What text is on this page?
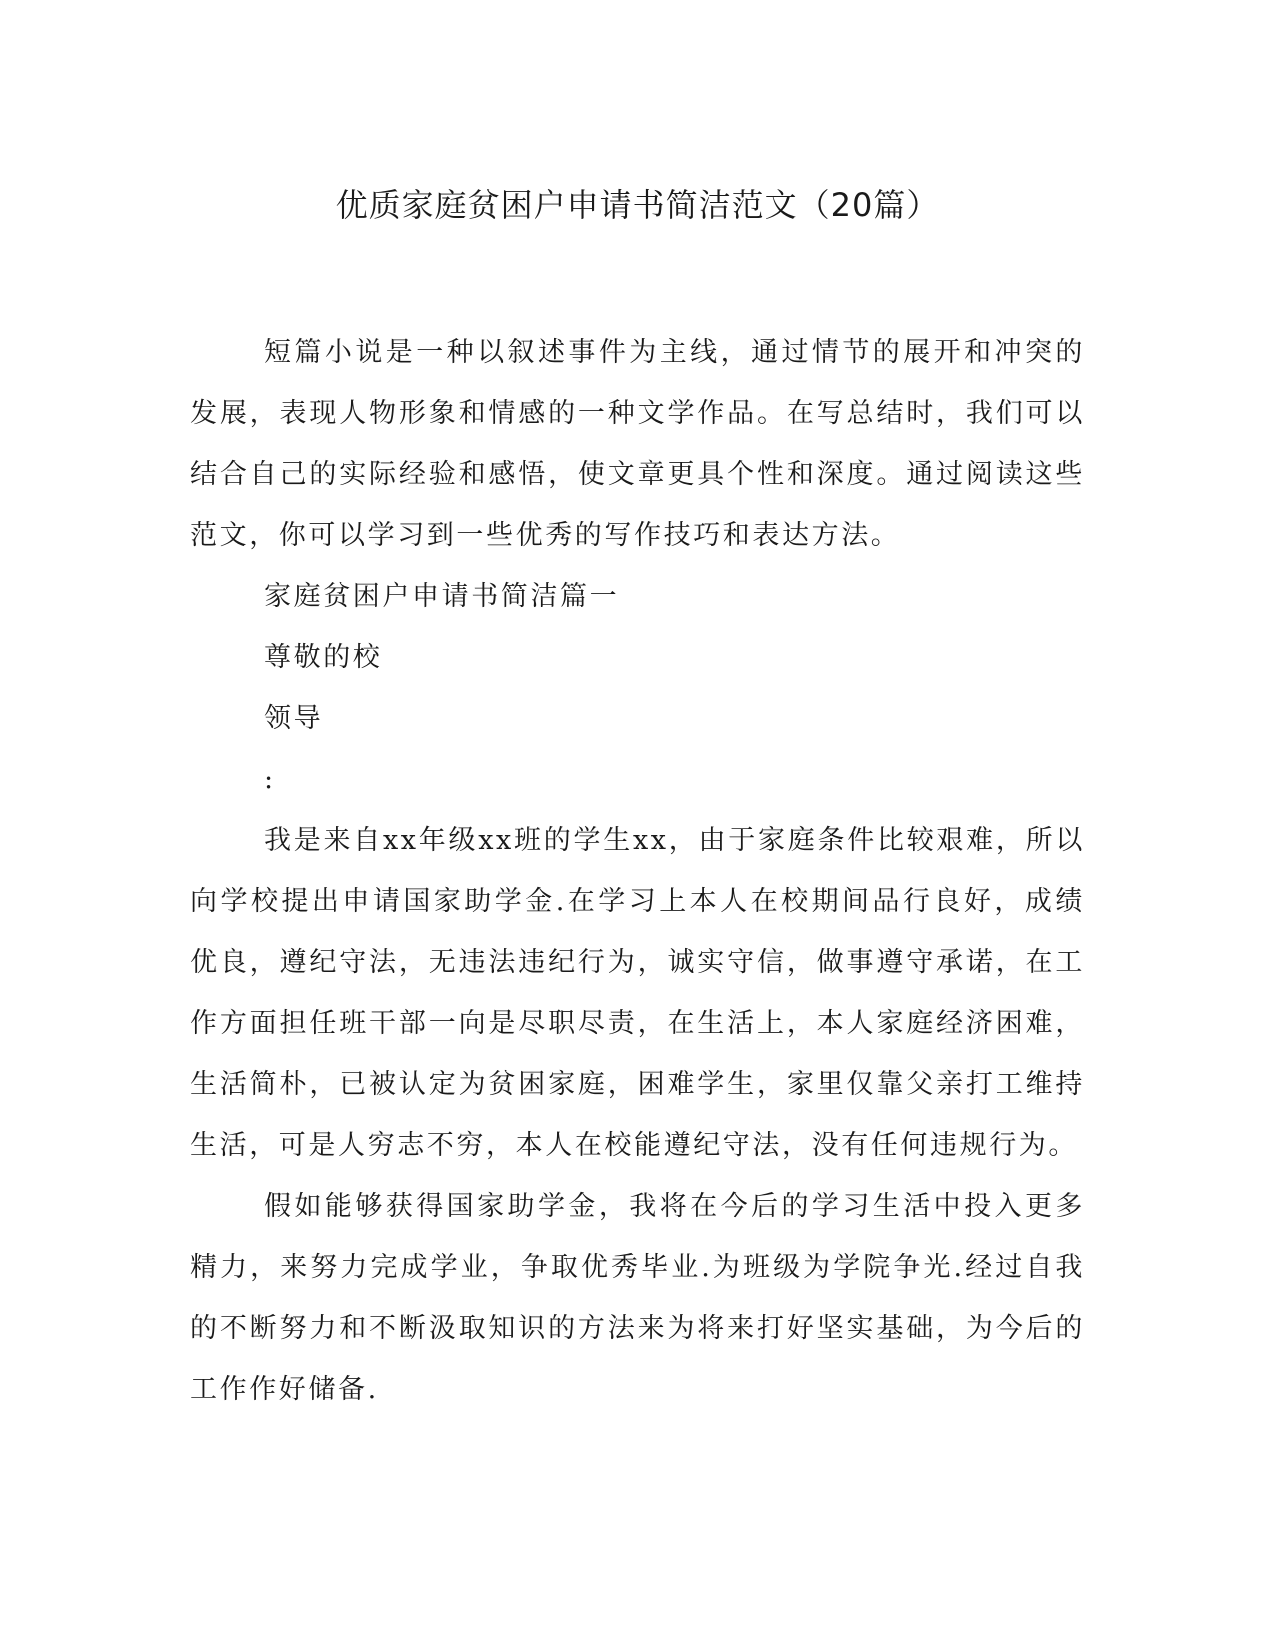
优质家庭贫困户申请书简洁范文（20篇）

短篇小说是一种以叙述事件为主线，通过情节的展开和冲突的发展，表现人物形象和情感的一种文学作品。在写总结时，我们可以结合自己的实际经验和感悟，使文章更具个性和深度。通过阅读这些范文，你可以学习到一些优秀的写作技巧和表达方法。

家庭贫困户申请书简洁篇一

尊敬的校

领导

:

我是来自xx年级xx班的学生xx，由于家庭条件比较艰难，所以向学校提出申请国家助学金.在学习上本人在校期间品行良好，成绩优良，遵纪守法，无违法违纪行为，诚实守信，做事遵守承诺，在工作方面担任班干部一向是尽职尽责，在生活上，本人家庭经济困难，生活简朴，已被认定为贫困家庭，困难学生，家里仅靠父亲打工维持生活，可是人穷志不穷，本人在校能遵纪守法，没有任何违规行为。

假如能够获得国家助学金，我将在今后的学习生活中投入更多精力，来努力完成学业，争取优秀毕业.为班级为学院争光.经过自我的不断努力和不断汲取知识的方法来为将来打好坚实基础，为今后的工作作好储备.
